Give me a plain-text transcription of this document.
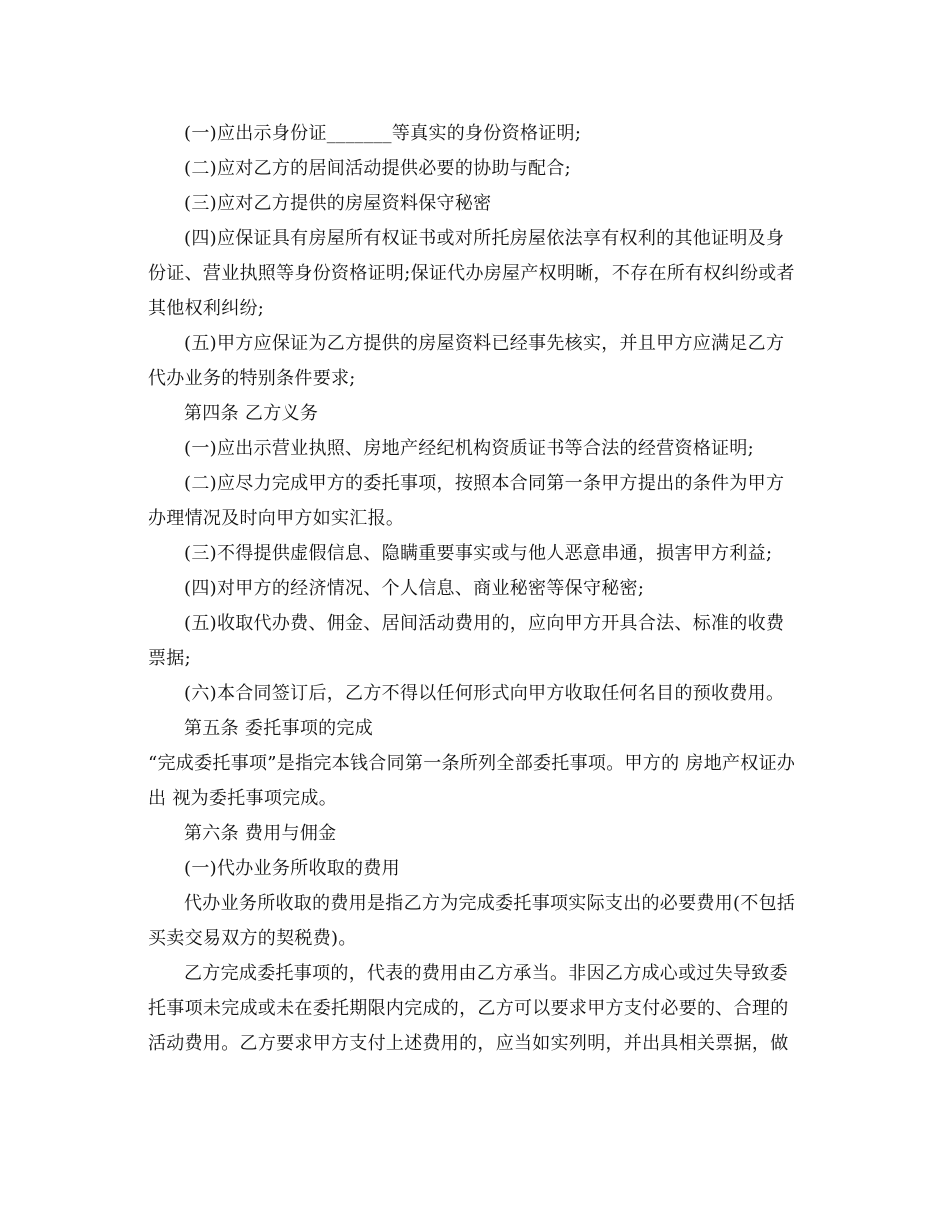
(一)应出示身份证_______等真实的身份资格证明;

(二)应对乙方的居间活动提供必要的协助与配合;

(三)应对乙方提供的房屋资料保守秘密

(四)应保证具有房屋所有权证书或对所托房屋依法享有权利的其他证明及身份证、营业执照等身份资格证明;保证代办房屋产权明晰，不存在所有权纠纷或者其他权利纠纷;

(五)甲方应保证为乙方提供的房屋资料已经事先核实，并且甲方应满足乙方代办业务的特别条件要求;

第四条 乙方义务

(一)应出示营业执照、房地产经纪机构资质证书等合法的经营资格证明;

(二)应尽力完成甲方的委托事项，按照本合同第一条甲方提出的条件为甲方办理情况及时向甲方如实汇报。

(三)不得提供虚假信息、隐瞒重要事实或与他人恶意串通，损害甲方利益;

(四)对甲方的经济情况、个人信息、商业秘密等保守秘密;

(五)收取代办费、佣金、居间活动费用的，应向甲方开具合法、标准的收费票据;

(六)本合同签订后，乙方不得以任何形式向甲方收取任何名目的预收费用。

第五条 委托事项的完成

“完成委托事项”是指完本钱合同第一条所列全部委托事项。甲方的 房地产权证办出 视为委托事项完成。

第六条 费用与佣金

(一)代办业务所收取的费用

代办业务所收取的费用是指乙方为完成委托事项实际支出的必要费用(不包括买卖交易双方的契税费)。

乙方完成委托事项的，代表的费用由乙方承当。非因乙方成心或过失导致委托事项未完成或未在委托期限内完成的，乙方可以要求甲方支付必要的、合理的活动费用。乙方要求甲方支付上述费用的，应当如实列明，并出具相关票据，做
